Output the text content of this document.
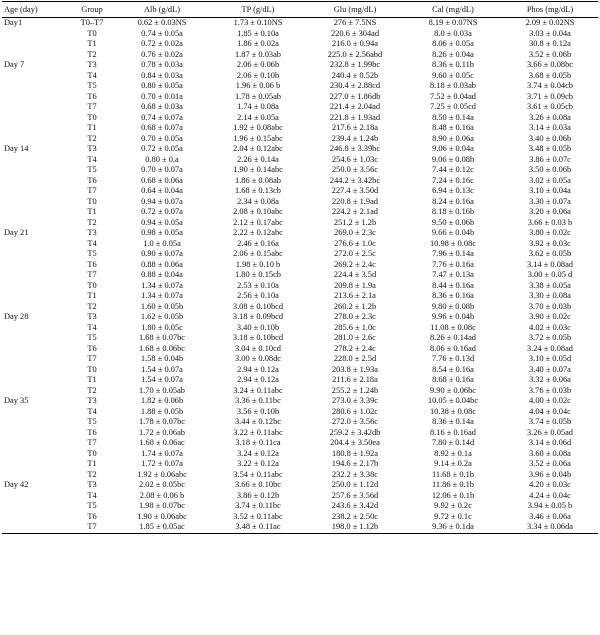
Age (day)	Group	Alb (g/dL)	TP (g/dL)	Glu (mg/dL)	Cal (mg/dL)	Phos (mg/dL)
Day1	T0–T7	0.62 ± 0.03NS	1.73 ± 0.10NS	276 ± 7.5NS	8.19 ± 0.07NS	2.09 ± 0.02NS
	T0	0.74 ± 0.05a	1.85 ± 0.10a	220.6 ± 304ad	8.0 ± 0.03a	3.03 ± 0.04a
	T1	0.72 ± 0.02a	1.86 ± 0.02a	216.0 ± 0.94a	8.06 ± 0.05a	30.8 ± 0.12a
	T2	0.76 ± 0.02a	1.87 ± 0.03ab	225.0 ± 2.56abd	8.26 ± 0.04a	3.52 ± 0.06b
Day 7	T3	0.78 ± 0.03a	2.06 ± 0.06b	232.8 ± 1.99bc	8.36 ± 0.11b	3.66 ± 0.08bc
	T4	0.84 ± 0.03a	2.06 ± 0.10b	240.4 ± 0.52b	9.60 ± 0.05c	3.68 ± 0.05b
	T5	0.80 ± 0.05a	1.96 ± 0.06 b	230.4 ± 2.88cd	8.18 ± 0.03ab	3.74 ± 0.04cb
	T6	0.70 ± 0.01a	1.78 ± 0.05ab	227.0 ± 1.86db	7.52 ± 0.04ad	3.71 ± 0.09cb
	T7	0.68 ± 0.03a	1.74 ± 0.08a	221.4 ± 2.04ad	7.25 ± 0.05cd	3.61 ± 0.05cb
	T0	0.74 ± 0.07a	2.14 ± 0.05a	221.8 ± 1.93ad	8.50 ± 0.14a	3.26 ± 0.08a
	T1	0.68 ± 0.07a	1.92 ± 0.08abc	217.6 ± 2.18a	8.48 ± 0.16a	3.14 ± 0.03a
	T2	0.70 ± 0.05a	1.96 ± 0.15abc	239.4 ± 1.24b	8.90 ± 0.06a	3.40 ± 0.06b
Day 14	T3	0.72 ± 0.05a	2.04 ± 0.12abc	246.8 ± 3.39bc	9.06 ± 0.04a	3.48 ± 0.05b
	T4	0.80 ± 0.a	2.26 ± 0.14a	254.6 ± 1.03c	9.06 ± 0.08b	3.86 ± 0.07c
	T5	0.70 ± 0.07a	1.90 ± 0.14abc	250.0 ± 3.56c	7.44 ± 0.12c	3.50 ± 0.06b
	T6	0.68 ± 0.06a	1.86 ± 0.08ab	244.2 ± 3.42bc	7.24 ± 0.16c	3.02 ± 0.05a
	T7	0.64 ± 0.04a	1.68 ± 0.13cb	227.4 ± 3.50d	6.94 ± 0.13c	3.10 ± 0.04a
	T0	0.94 ± 0.07a	2.34 ± 0.08a	220.8 ± 1.9ad	8.24 ± 0.16a	3.30 ± 0.07a
	T1	0.72 ± 0.07a	2.08 ± 0.10abc	224.2 ± 2.1ad	8.18 ± 0.16b	3.20 ± 0.06a
	T2	0.94 ± 0.05a	2.12 ± 0.17abc	251.2 ± 1.2b	9.50 ± 0.06b	3.66 ± 0.03 b
Day 21	T3	0.98 ± 0.05a	2.22 ± 0.12abc	269.0 ± 2.3c	9.66 ± 0.04b	3.80 ± 0.02c
	T4	1.0 ± 0.05a	2.46 ± 0.16a	276.6 ± 1.0c	10.98 ± 0.08c	3.92 ± 0.03c
	T5	0.90 ± 0.07a	2.06 ± 0.15abc	272.0 ± 2.5c	7.96 ± 0.14a	3.62 ± 0.05b
	T6	0.88 ± 0.06a	1.98 ± 0.10 b	269.2 ± 2.4c	7.76 ± 0.16a	3.14 ± 0.08ad
	T7	0.88 ± 0.04a	1.80 ± 0.15cb	224.4 ± 3.5d	7.47 ± 0.13a	3.00 ± 0.05 d
	T0	1.34 ± 0.07a	2.53 ± 0.10a	209.8 ± 1.9a	8.44 ± 0.16a	3.38 ± 0.05a
	T1	1.34 ± 0.07a	2.56 ± 0.10a	213.6 ± 2.1a	8.36 ± 0.16a	3.30 ± 0.08a
	T2	1.60 ± 0.05b	3.08 ± 0.10bcd	260.2 ± 1.2b	9.80 ± 0.08b	3.70 ± 0.03b
Day 28	T3	1.62 ± 0.05b	3.18 ± 0.09bcd	278.0 ± 2.3c	9.96 ± 0.04b	3.90 ± 0.02c
	T4	1.80 ± 0.05c	3.40 ± 0.10b	285.6 ± 1.0c	11.08 ± 0.08c	4.02 ± 0.03c
	T5	1.68 ± 0.07bc	3.18 ± 0.10bcd	281.0 ± 2.6c	8.26 ± 0.14ad	3.72 ± 0.05b
	T6	1.68 ± 0.06bc	3.04 ± 0.10cd	278.2 ± 2.4c	8.06 ± 0.16ad	3.24 ± 0.08ad
	T7	1.58 ± 0.04b	3.00 ± 0.08dc	228.0 ± 2.5d	7.76 ± 0.13d	3.10 ± 0.05d
	T0	1.54 ± 0.07a	2.94 ± 0.12a	203.8 ± 1.93a	8.54 ± 0.16a	3.40 ± 0.07a
	T1	1.54 ± 0.07a	2.94 ± 0.12a	211.6 ± 2.18a	8.68 ± 0.16a	3.32 ± 0.06a
	T2	1.70 ± 0.05ab	3.24 ± 0.11abc	255.2 ± 1.24b	9.90 ± 0.06bc	3.76 ± 0.03b
Day 35	T3	1.82 ± 0.06b	3.36 ± 0.11bc	273.0 ± 3.39c	10.05 ± 0.04bc	4.00 ± 0.02c
	T4	1.88 ± 0.05b	3.56 ± 0.10b	280.6 ± 1.02c	10.38 ± 0.08c	4.04 ± 0.04c
	T5	1.78 ± 0.07bc	3.44 ± 0.12bc	272.0 ± 3.56c	8.36 ± 0.14a	3.74 ± 0.05b
	T6	1.72 ± 0.06ab	3.22 ± 0.11abc	259.2 ± 3.42db	8.16 ± 0.16ad	3.26 ± 0.05ad
	T7	1.68 ± 0.06ac	3.18 ± 0.11ca	204.4 ± 3.50ea	7.80 ± 0.14d	3.14 ± 0.06d
	T0	1.74 ± 0.07a	3.24 ± 0.12a	180.8 ± 1.92a	8.92 ± 0.1a	3.60 ± 0.08a
	T1	1.72 ± 0.07a	3.22 ± 0.12a	194.6 ± 2.17b	9.14 ± 0.2a	3.52 ± 0.06a
	T2	1.92 ± 0.06abc	3.54 ± 0.11abc	232.2 ± 3.38c	11.68 ± 0.1b	3.96 ± 0.04b
Day 42	T3	2.02 ± 0.05bc	3.66 ± 0.10bc	250.0 ± 1.12d	11.86 ± 0.1b	4.20 ± 0.03c
	T4	2.08 ± 0.06 b	3.86 ± 0.12b	257.6 ± 3.56d	12.06 ± 0.1b	4.24 ± 0.04c
	T5	1.98 ± 0.07bc	3.74 ± 0.11bc	243.6 ± 3.42d	9.92 ± 0.2c	3.94 ± 0.05 b
	T6	1.90 ± 0.06abc	3.52 ± 0.11abc	238.2 ± 2.50c	9.72 ± 0.1c	3.46 ± 0.06a
	T7	1.85 ± 0.05ac	3.48 ± 0.11ac	198.0 ± 1.12b	9.36 ± 0.1da	3.34 ± 0.06da
